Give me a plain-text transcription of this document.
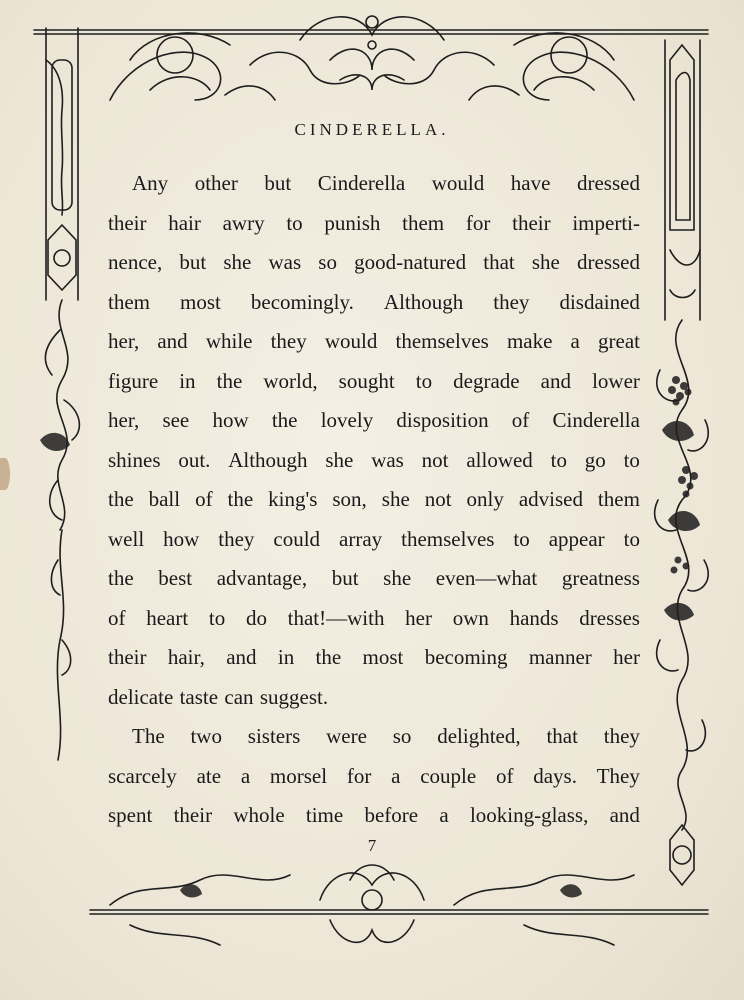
CINDERELLA.
Any other but Cinderella would have dressed
their hair awry to punish them for their imperti-
nence, but she was so good-natured that she dressed
them most becomingly. Although they disdained
her, and while they would themselves make a great
figure in the world, sought to degrade and lower
her, see how the lovely disposition of Cinderella
shines out. Although she was not allowed to go to
the ball of the king's son, she not only advised them
well how they could array themselves to appear to
the best advantage, but she even—what greatness
of heart to do that!—with her own hands dresses
their hair, and in the most becoming manner her
delicate taste can suggest.
The two sisters were so delighted, that they
scarcely ate a morsel for a couple of days. They
spent their whole time before a looking-glass, and
7
